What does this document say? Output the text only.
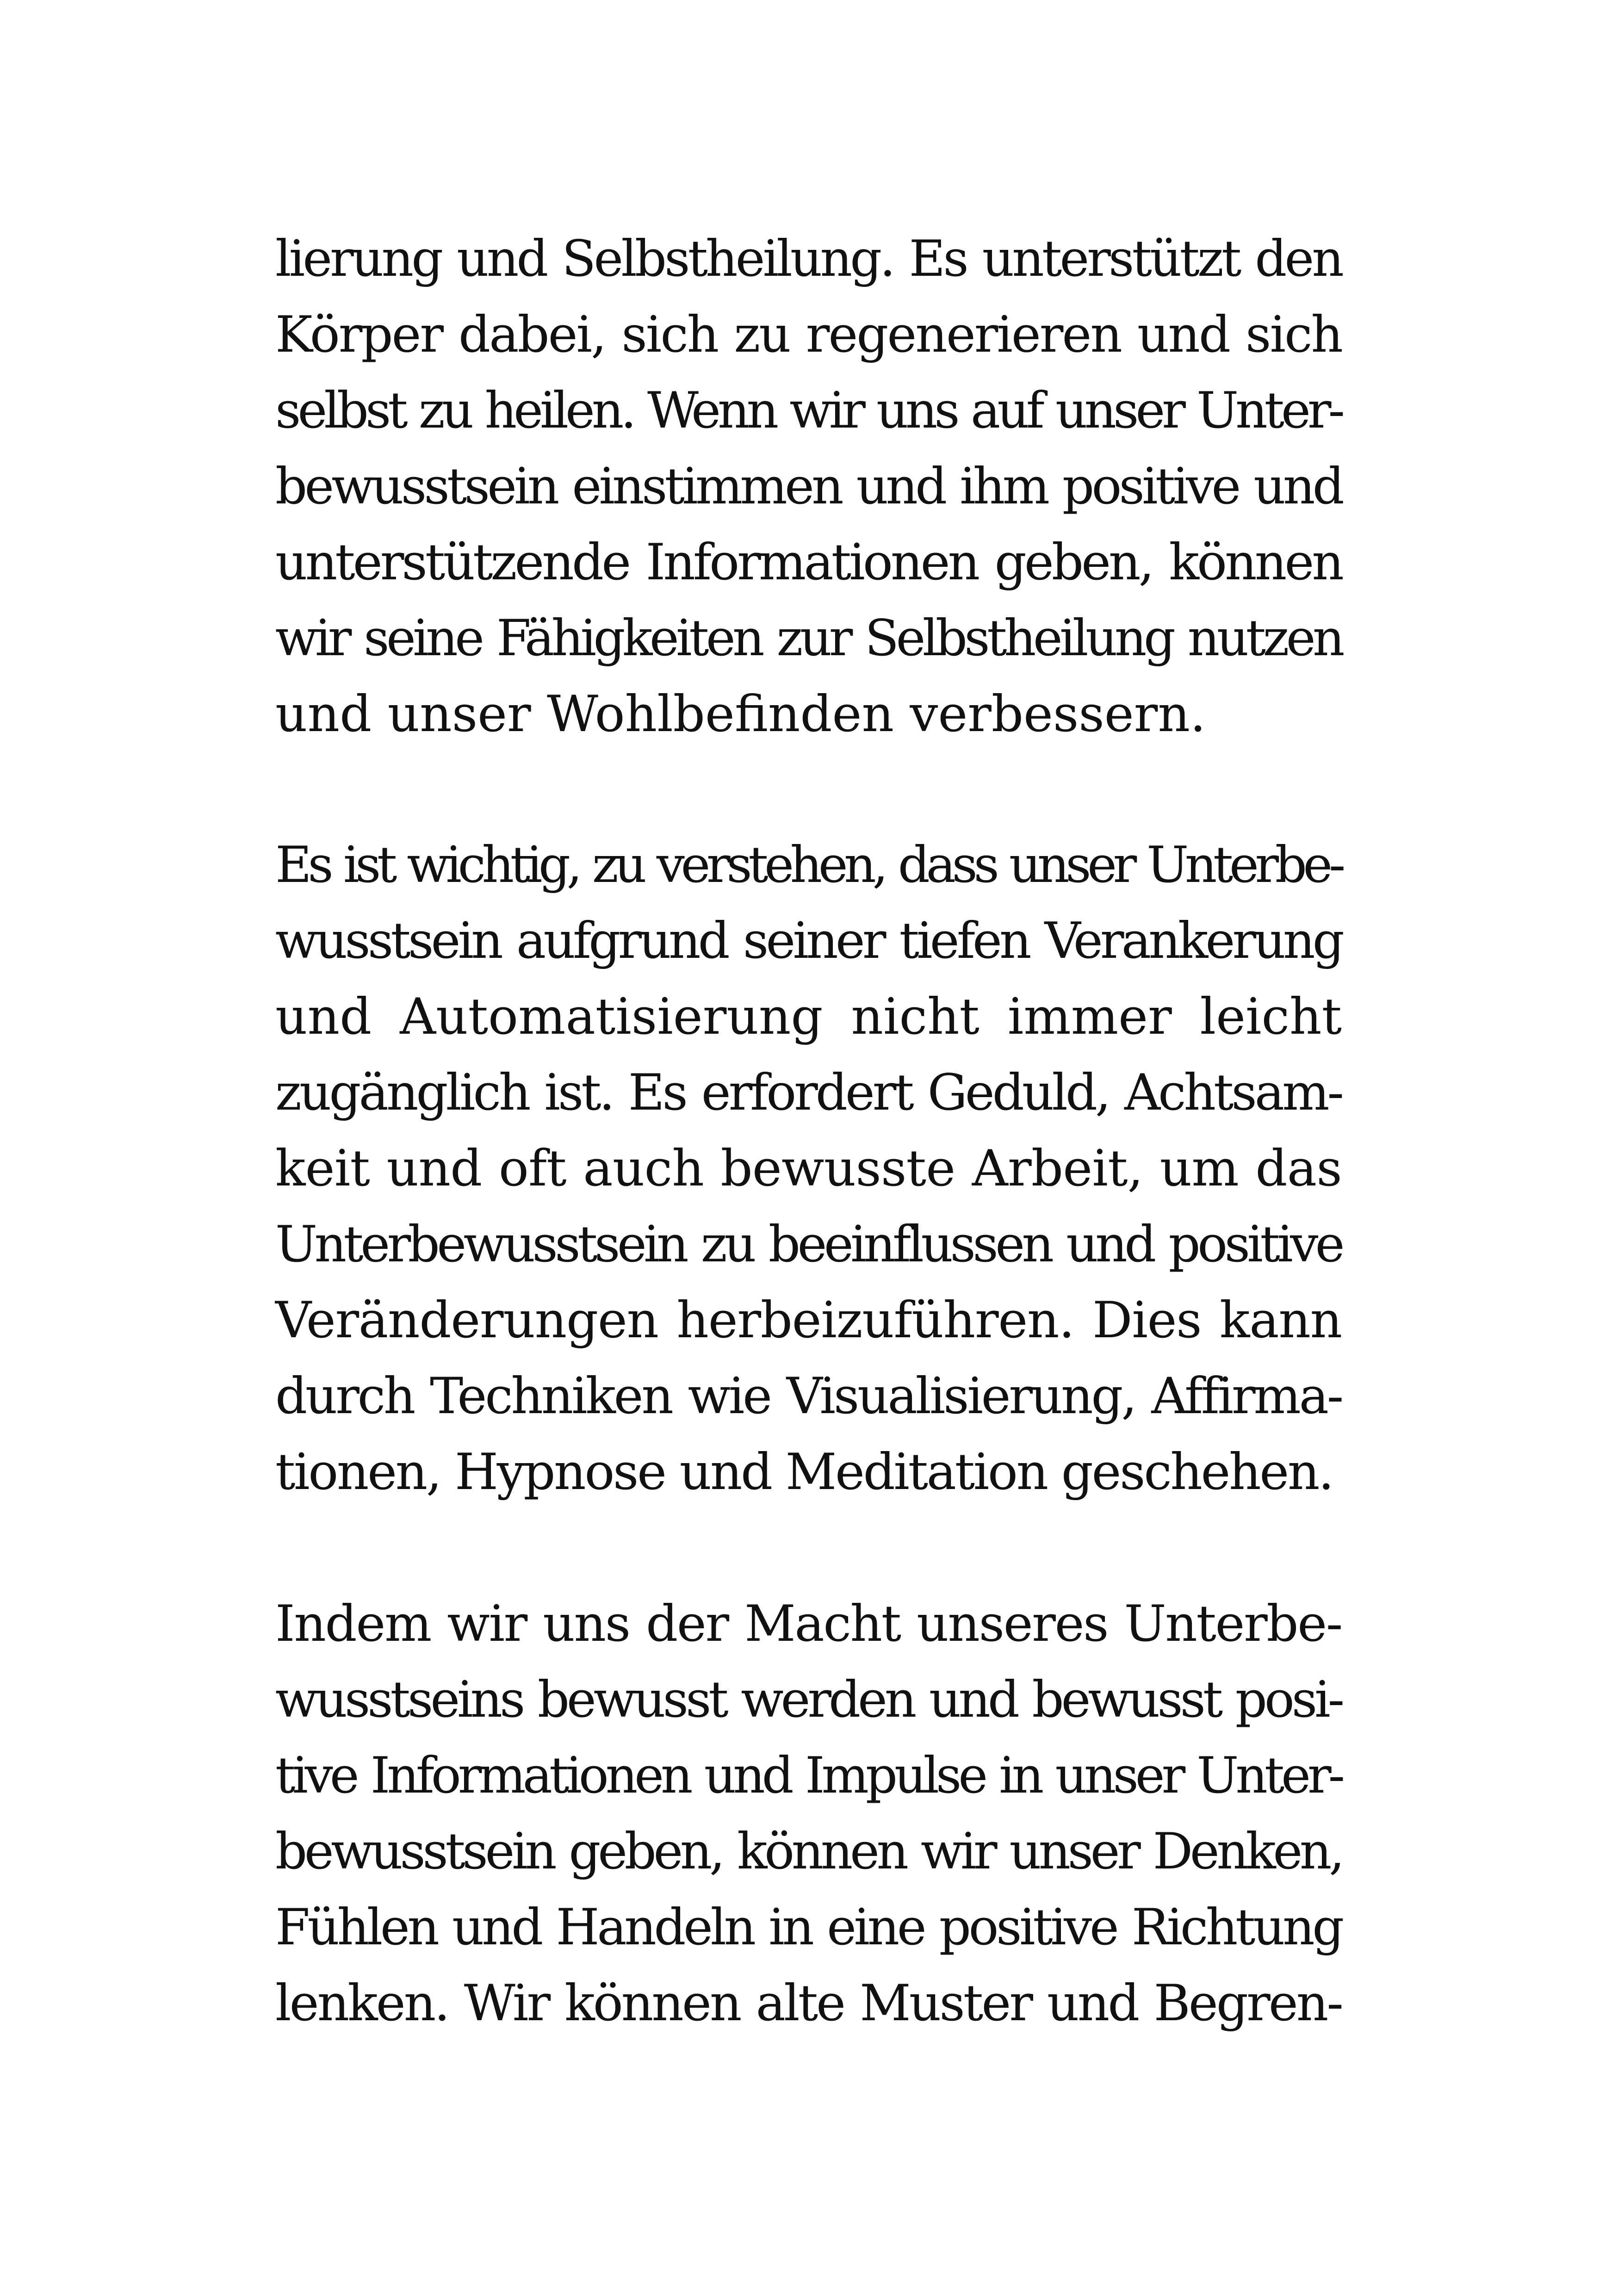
lierung und Selbstheilung. Es unterstützt den
Körper dabei, sich zu regenerieren und sich
selbst zu heilen. Wenn wir uns auf unser Unter-
bewusstsein einstimmen und ihm positive und
unterstützende Informationen geben, können
wir seine Fähigkeiten zur Selbstheilung nutzen
und unser Wohlbefinden verbessern.
Es ist wichtig, zu verstehen, dass unser Unterbe-
wusstsein aufgrund seiner tiefen Verankerung
und Automatisierung nicht immer leicht
zugänglich ist. Es erfordert Geduld, Achtsam-
keit und oft auch bewusste Arbeit, um das
Unterbewusstsein zu beeinflussen und positive
Veränderungen herbeizuführen. Dies kann
durch Techniken wie Visualisierung, Affirma-
tionen, Hypnose und Meditation geschehen.
Indem wir uns der Macht unseres Unterbe-
wusstseins bewusst werden und bewusst posi-
tive Informationen und Impulse in unser Unter-
bewusstsein geben, können wir unser Denken,
Fühlen und Handeln in eine positive Richtung
lenken. Wir können alte Muster und Begren-
